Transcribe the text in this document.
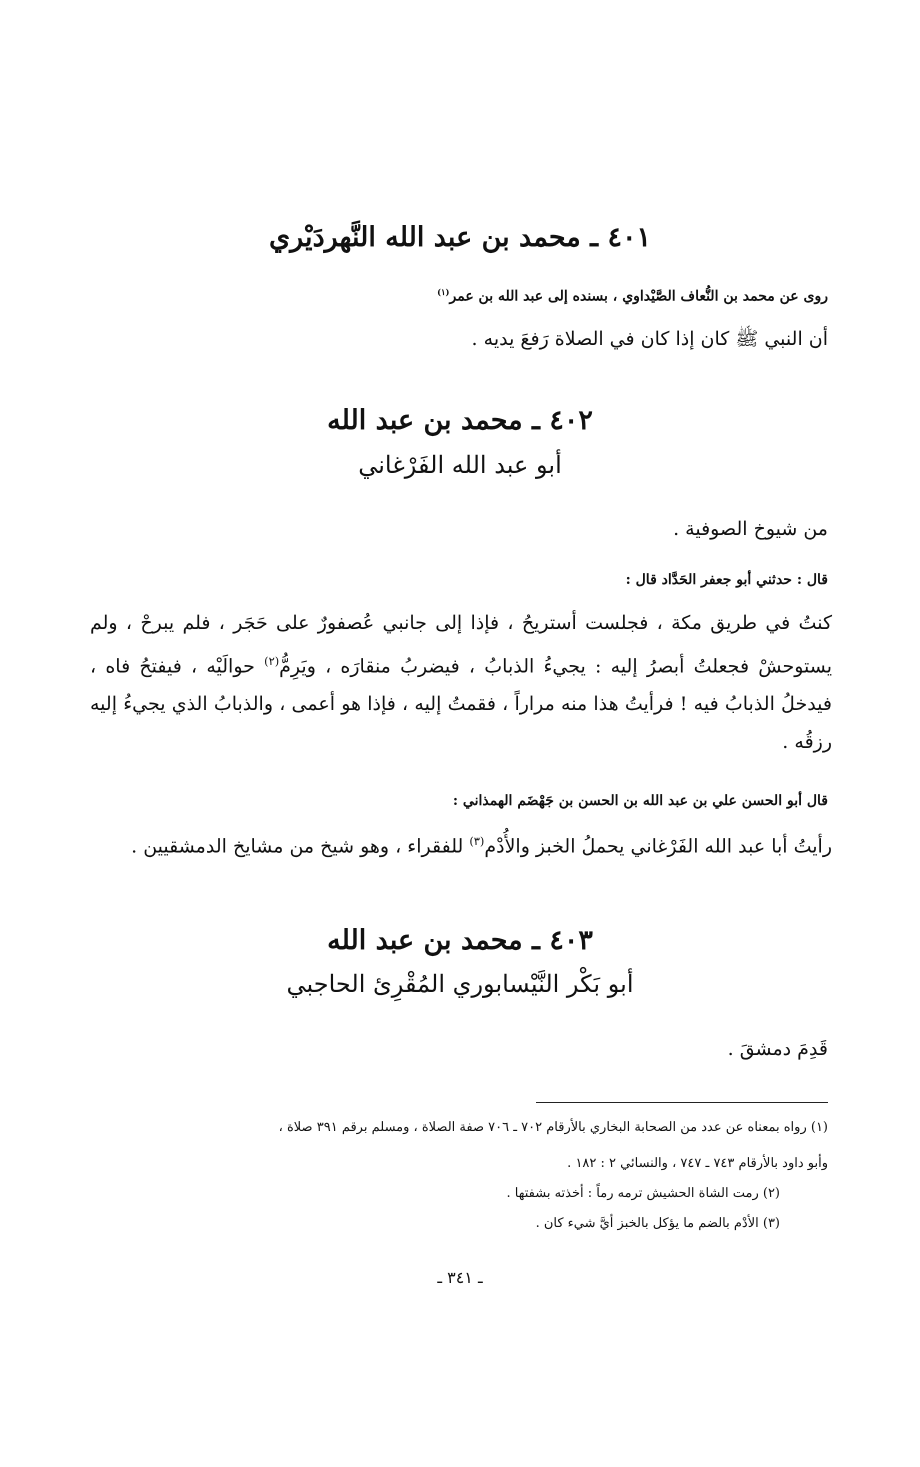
٤٠١ ـ محمد بن عبد الله النَّهردَيْري
روى عن محمد بن النُّعاف الصَّيْداوي ، بسنده إلى عبد الله بن عمر$^{(١)}$
أن النبي ﷺ كان إذا كان في الصلاة رَفعَ يديه .
٤٠٢ ـ محمد بن عبد الله
أبو عبد الله الفَرْغاني
من شيوخ الصوفية .
قال : حدثني أبو جعفر الحَدَّاد قال :

كنتُ في طريق مكة ، فجلست أستريحُ ، فإذا إلى جانبي عُصفورٌ على حَجَر ، فلم يبرحْ ، ولم يستوحشْ فجعلتُ أبصرُ إليه : يجيءُ الذبابُ ، فيضربُ منقارَه ، ويَرِمُّ$^{(٢)}$ حوالَيْه ، فيفتحُ فاه ، فيدخلُ الذبابُ فيه ! فرأيتُ هذا منه مراراً ، فقمتُ إليه ، فإذا هو أعمى ، والذبابُ الذي يجيءُ إليه رزقُه .

قال أبو الحسن علي بن عبد الله بن الحسن بن جَهْضَم الهمذاني :

رأيتُ أبا عبد الله الفَرْغاني يحملُ الخبز والأُدْم$^{(٣)}$ للفقراء ، وهو شيخ من مشايخ الدمشقيين .

٤٠٣ ـ محمد بن عبد الله
أبو بَكْر النَّيْسابوري المُقْرِئ الحاجبي
قَدِمَ دمشقَ .
(١) رواه بمعناه عن عدد من الصحابة البخاري بالأرقام ٧٠٢ ـ ٧٠٦ صفة الصلاة ، ومسلم برقم ٣٩١ صلاة ،
وأبو داود بالأرقام ٧٤٣ ـ ٧٤٧ ، والنسائي ٢ : ١٨٢ .
(٢) رمت الشاة الحشيش ترمه رماً : أخذته بشفتها .
(٣) الأدْم بالضم ما يؤكل بالخبز أيَّ شيء كان .
ـ ٣٤١ ـ
